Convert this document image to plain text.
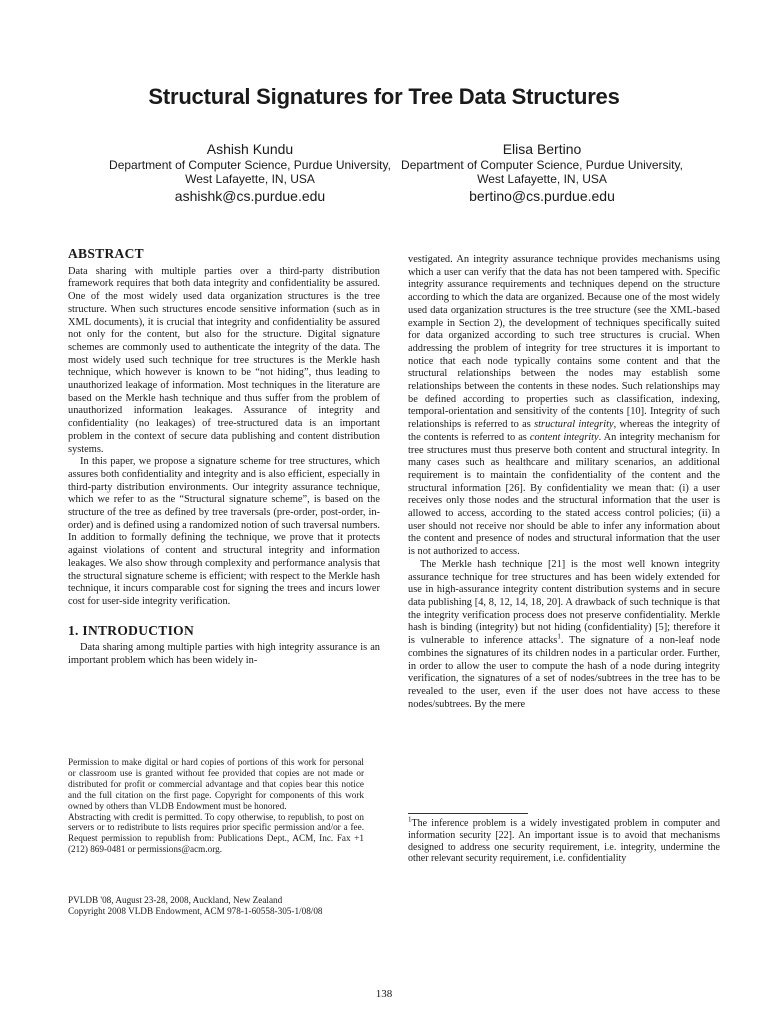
Structural Signatures for Tree Data Structures
Ashish Kundu
Department of Computer Science, Purdue University, West Lafayette, IN, USA
ashishk@cs.purdue.edu
Elisa Bertino
Department of Computer Science, Purdue University, West Lafayette, IN, USA
bertino@cs.purdue.edu
ABSTRACT

Data sharing with multiple parties over a third-party distribution framework requires that both data integrity and confidentiality be assured. One of the most widely used data organization structures is the tree structure. When such structures encode sensitive information (such as in XML documents), it is crucial that integrity and confidentiality be assured not only for the content, but also for the structure. Digital signature schemes are commonly used to authenticate the integrity of the data. The most widely used such technique for tree structures is the Merkle hash technique, which however is known to be “not hiding”, thus leading to unauthorized leakage of information. Most techniques in the literature are based on the Merkle hash technique and thus suffer from the problem of unauthorized information leakages. Assurance of integrity and confidentiality (no leakages) of tree-structured data is an important problem in the context of secure data publishing and content distribution systems.

In this paper, we propose a signature scheme for tree structures, which assures both confidentiality and integrity and is also efficient, especially in third-party distribution environments. Our integrity assurance technique, which we refer to as the “Structural signature scheme”, is based on the structure of the tree as defined by tree traversals (pre-order, post-order, in-order) and is defined using a randomized notion of such traversal numbers. In addition to formally defining the technique, we prove that it protects against violations of content and structural integrity and information leakages. We also show through complexity and performance analysis that the structural signature scheme is efficient; with respect to the Merkle hash technique, it incurs comparable cost for signing the trees and incurs lower cost for user-side integrity verification.

1. INTRODUCTION

Data sharing among multiple parties with high integrity assurance is an important problem which has been widely in-

Permission to make digital or hard copies of portions of this work for personal or classroom use is granted without fee provided that copies are not made or distributed for profit or commercial advantage and that copies bear this notice and the full citation on the first page. Copyright for components of this work owned by others than VLDB Endowment must be honored.

Abstracting with credit is permitted. To copy otherwise, to republish, to post on servers or to redistribute to lists requires prior specific permission and/or a fee. Request permission to republish from: Publications Dept., ACM, Inc. Fax +1 (212) 869-0481 or permissions@acm.org.

PVLDB '08, August 23-28, 2008, Auckland, New Zealand
Copyright 2008 VLDB Endowment, ACM 978-1-60558-305-1/08/08

vestigated. An integrity assurance technique provides mechanisms using which a user can verify that the data has not been tampered with. Specific integrity assurance requirements and techniques depend on the structure according to which the data are organized. Because one of the most widely used data organization structures is the tree structure (see the XML-based example in Section 2), the development of techniques specifically suited for data organized according to such tree structures is crucial. When addressing the problem of integrity for tree structures it is important to notice that each node typically contains some content and that the structural relationships between the nodes may establish some relationships between the contents in these nodes. Such relationships may be defined according to properties such as classification, indexing, temporal-orientation and sensitivity of the contents [10]. Integrity of such relationships is referred to as structural integrity, whereas the integrity of the contents is referred to as content integrity. An integrity mechanism for tree structures must thus preserve both content and structural integrity. In many cases such as healthcare and military scenarios, an additional requirement is to maintain the confidentiality of the content and the structural information [26]. By confidentiality we mean that: (i) a user receives only those nodes and the structural information that the user is allowed to access, according to the stated access control policies; (ii) a user should not receive nor should be able to infer any information about the content and presence of nodes and structural information that the user is not authorized to access.

The Merkle hash technique [21] is the most well known integrity assurance technique for tree structures and has been widely extended for use in high-assurance integrity content distribution systems and in secure data publishing [4, 8, 12, 14, 18, 20]. A drawback of such technique is that the integrity verification process does not preserve confidentiality. Merkle hash is binding (integrity) but not hiding (confidentiality) [5]; therefore it is vulnerable to inference attacks$^1$. The signature of a non-leaf node combines the signatures of its children nodes in a particular order. Further, in order to allow the user to compute the hash of a node during integrity verification, the signatures of a set of nodes/subtrees in the tree has to be revealed to the user, even if the user does not have access to these nodes/subtrees. By the mere

$^1$The inference problem is a widely investigated problem in computer and information security [22]. An important issue is to avoid that mechanisms designed to address one security requirement, i.e. integrity, undermine the other relevant security requirement, i.e. confidentiality

138
